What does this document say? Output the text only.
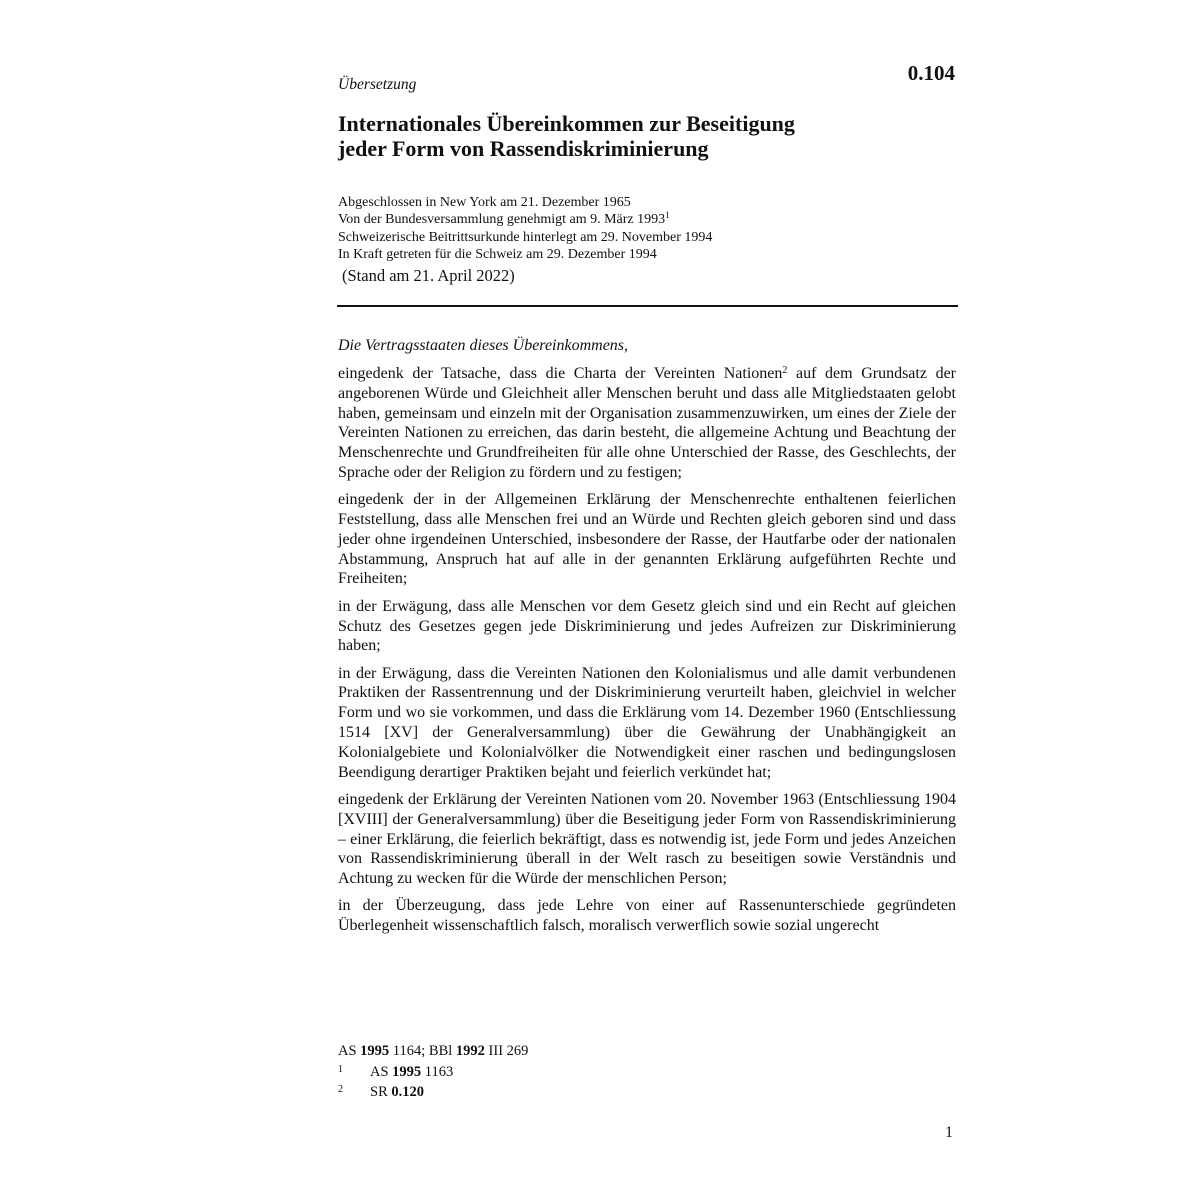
Übersetzung	0.104
Internationales Übereinkommen zur Beseitigung
jeder Form von Rassendiskriminierung
Abgeschlossen in New York am 21. Dezember 1965
Von der Bundesversammlung genehmigt am 9. März 1993$^1$
Schweizerische Beitrittsurkunde hinterlegt am 29. November 1994
In Kraft getreten für die Schweiz am 29. Dezember 1994
(Stand am 21. April 2022)
Die Vertragsstaaten dieses Übereinkommens,

eingedenk der Tatsache, dass die Charta der Vereinten Nationen$^2$ auf dem Grundsatz der angeborenen Würde und Gleichheit aller Menschen beruht und dass alle Mitgliedstaaten gelobt haben, gemeinsam und einzeln mit der Organisation zusammenzuwirken, um eines der Ziele der Vereinten Nationen zu erreichen, das darin besteht, die allgemeine Achtung und Beachtung der Menschenrechte und Grundfreiheiten für alle ohne Unterschied der Rasse, des Geschlechts, der Sprache oder der Religion zu fördern und zu festigen;

eingedenk der in der Allgemeinen Erklärung der Menschenrechte enthaltenen feierlichen Feststellung, dass alle Menschen frei und an Würde und Rechten gleich geboren sind und dass jeder ohne irgendeinen Unterschied, insbesondere der Rasse, der Hautfarbe oder der nationalen Abstammung, Anspruch hat auf alle in der genannten Erklärung aufgeführten Rechte und Freiheiten;

in der Erwägung, dass alle Menschen vor dem Gesetz gleich sind und ein Recht auf gleichen Schutz des Gesetzes gegen jede Diskriminierung und jedes Aufreizen zur Diskriminierung haben;

in der Erwägung, dass die Vereinten Nationen den Kolonialismus und alle damit verbundenen Praktiken der Rassentrennung und der Diskriminierung verurteilt haben, gleichviel in welcher Form und wo sie vorkommen, und dass die Erklärung vom 14. Dezember 1960 (Entschliessung 1514 [XV] der Generalversammlung) über die Gewährung der Unabhängigkeit an Kolonialgebiete und Kolonialvölker die Notwendigkeit einer raschen und bedingungslosen Beendigung derartiger Praktiken bejaht und feierlich verkündet hat;

eingedenk der Erklärung der Vereinten Nationen vom 20. November 1963 (Entschliessung 1904 [XVIII] der Generalversammlung) über die Beseitigung jeder Form von Rassendiskriminierung – einer Erklärung, die feierlich bekräftigt, dass es notwendig ist, jede Form und jedes Anzeichen von Rassendiskriminierung überall in der Welt rasch zu beseitigen sowie Verständnis und Achtung zu wecken für die Würde der menschlichen Person;

in der Überzeugung, dass jede Lehre von einer auf Rassenunterschiede gegründeten Überlegenheit wissenschaftlich falsch, moralisch verwerflich sowie sozial ungerecht

AS 1995 1164; BBl 1992 III 269
1 AS 1995 1163
2 SR 0.120
1
